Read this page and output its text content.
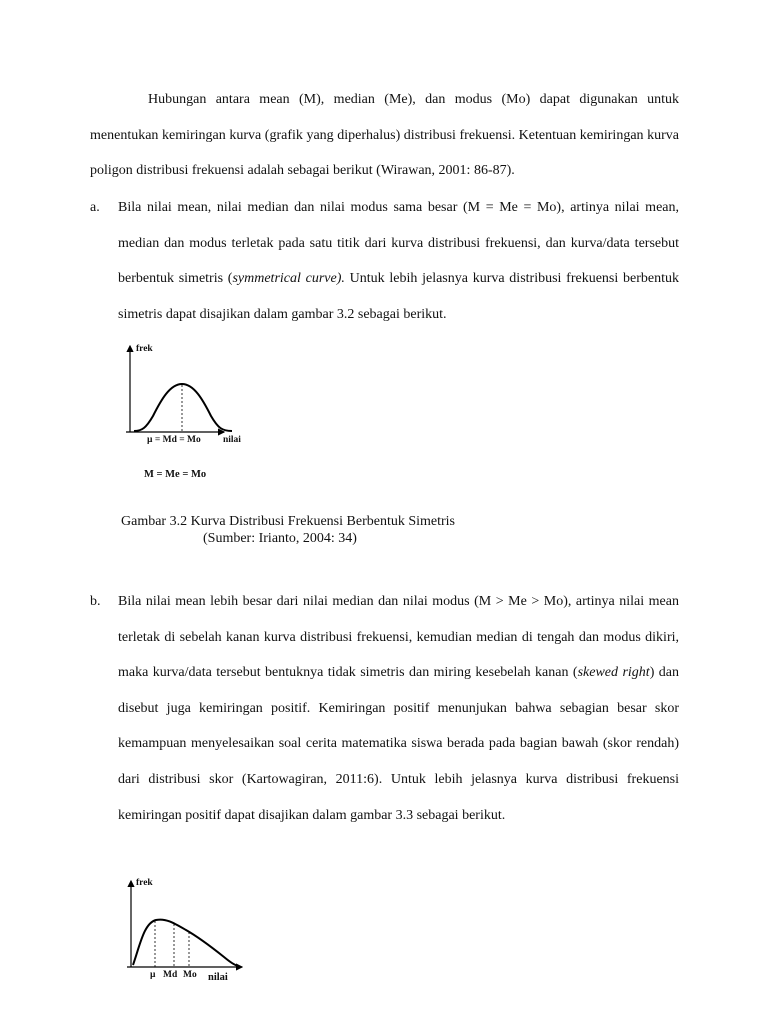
Hubungan antara mean (M), median (Me), dan modus (Mo) dapat digunakan untuk menentukan kemiringan kurva (grafik yang diperhalus) distribusi frekuensi. Ketentuan kemiringan kurva poligon distribusi frekuensi adalah sebagai berikut (Wirawan, 2001: 86-87).

a. Bila nilai mean, nilai median dan nilai modus sama besar (M = Me = Mo), artinya nilai mean, median dan modus terletak pada satu titik dari kurva distribusi frekuensi, dan kurva/data tersebut berbentuk simetris (symmetrical curve). Untuk lebih jelasnya kurva distribusi frekuensi berbentuk simetris dapat disajikan dalam gambar 3.2 sebagai berikut.

frek
µ = Md = Mo nilai
M = Me = Mo
Gambar 3.2 Kurva Distribusi Frekuensi Berbentuk Simetris
(Sumber: Irianto, 2004: 34)
b. Bila nilai mean lebih besar dari nilai median dan nilai modus (M > Me > Mo), artinya nilai mean terletak di sebelah kanan kurva distribusi frekuensi, kemudian median di tengah dan modus dikiri, maka kurva/data tersebut bentuknya tidak simetris dan miring kesebelah kanan (skewed right) dan disebut juga kemiringan positif. Kemiringan positif menunjukan bahwa sebagian besar skor kemampuan menyelesaikan soal cerita matematika siswa berada pada bagian bawah (skor rendah) dari distribusi skor (Kartowagiran, 2011:6). Untuk lebih jelasnya kurva distribusi frekuensi kemiringan positif dapat disajikan dalam gambar 3.3 sebagai berikut.

frek
µ Md Mo nilai
